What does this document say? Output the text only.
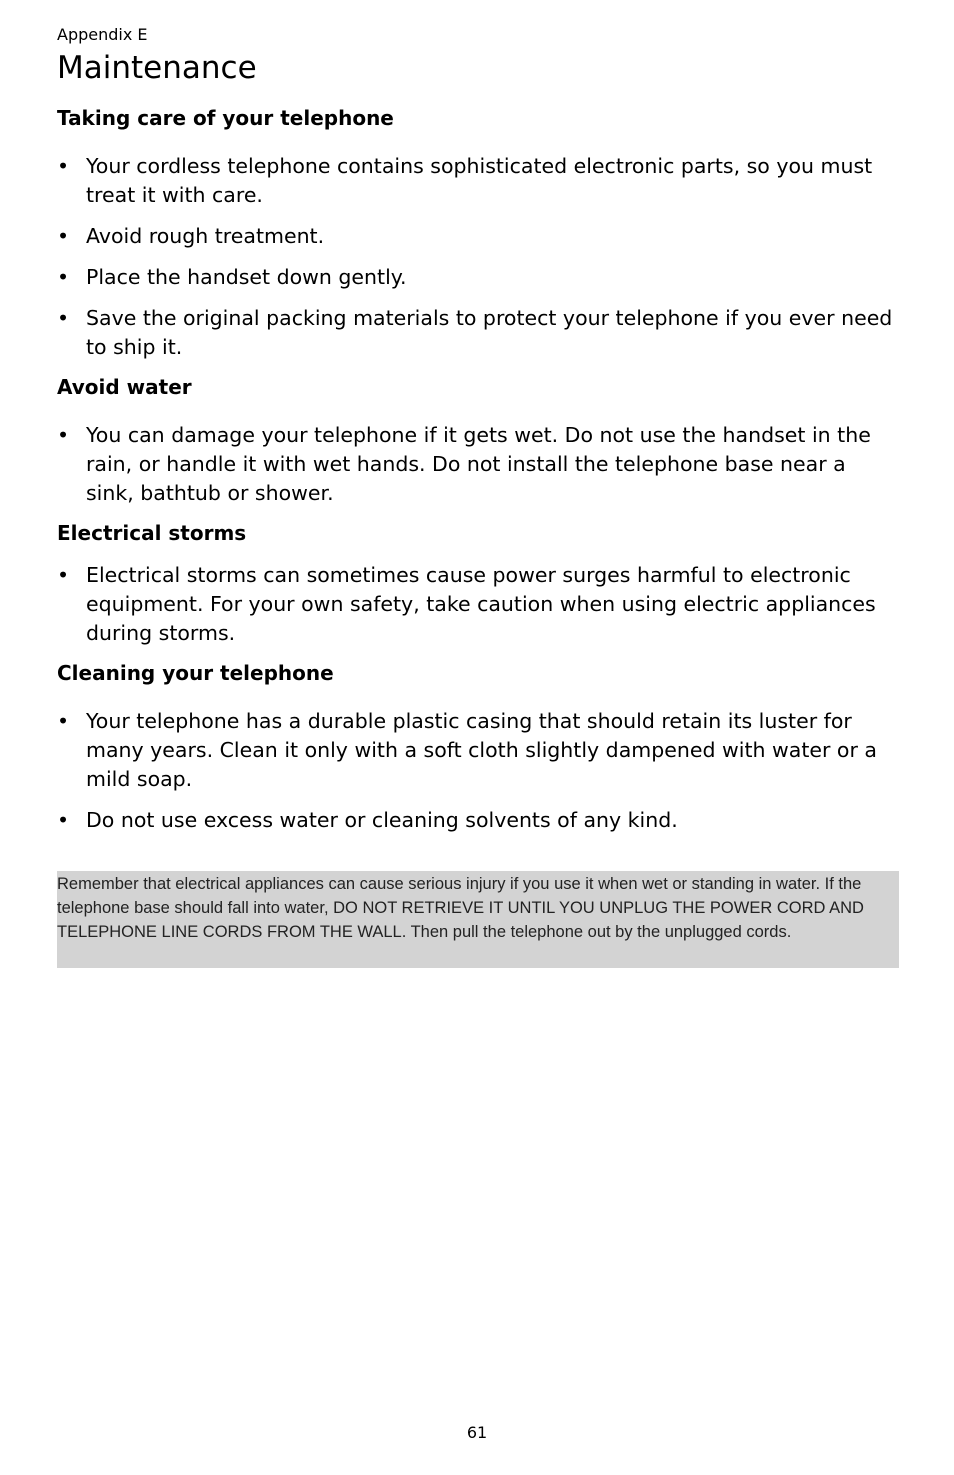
Appendix E
Maintenance
Taking care of your telephone
• Your cordless telephone contains sophisticated electronic parts, so you must treat it with care.
• Avoid rough treatment.
• Place the handset down gently.
• Save the original packing materials to protect your telephone if you ever need to ship it.
Avoid water
• You can damage your telephone if it gets wet. Do not use the handset in the rain, or handle it with wet hands. Do not install the telephone base near a sink, bathtub or shower.
Electrical storms
• Electrical storms can sometimes cause power surges harmful to electronic equipment. For your own safety, take caution when using electric appliances during storms.
Cleaning your telephone
• Your telephone has a durable plastic casing that should retain its luster for many years. Clean it only with a soft cloth slightly dampened with water or a mild soap.
• Do not use excess water or cleaning solvents of any kind.
Remember that electrical appliances can cause serious injury if you use it when wet or standing in water. If the telephone base should fall into water, DO NOT RETRIEVE IT UNTIL YOU UNPLUG THE POWER CORD AND TELEPHONE LINE CORDS FROM THE WALL. Then pull the telephone out by the unplugged cords.
61
